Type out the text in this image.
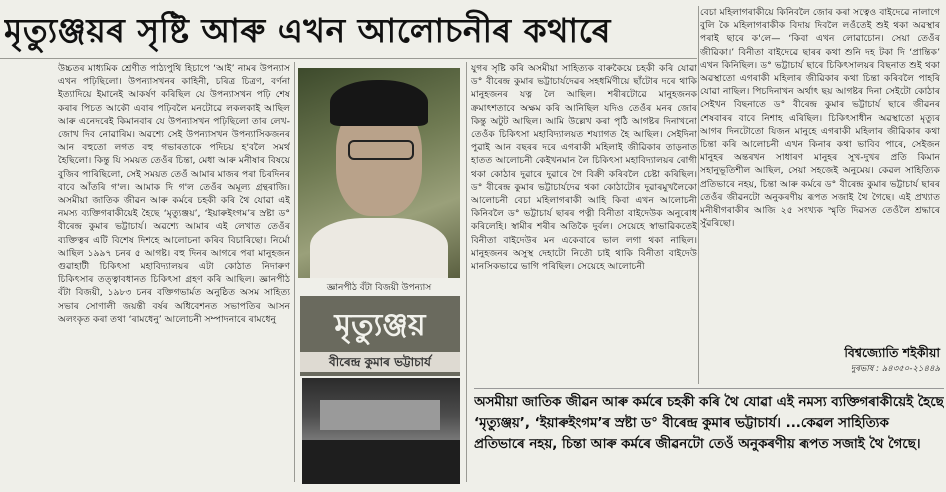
মৃত্যুঞ্জয়ৰ সৃষ্টি আৰু এখন আলোচনীৰ কথাৰে

উচ্চতৰ মাধ্যমিক শ্ৰেণীত পাঠ্যপুথি হিচাপে ‘আই’ নামৰ উপন্যাস এখন পঢ়িছিলো। উপন্যাসখনৰ কাহিনী, চৰিত্ৰ চিত্ৰণ, বৰ্ণনা ইত্যাদিয়ে ইমানেই আকৰ্ষণ কৰিছিল যে উপন্যাসখন পঢ়ি শেষ কৰাৰ পিচত আকৌ এবাৰ পঢ়িবলৈ মনটোৱে লকলকাই আছিল আৰু এনেদৰেই কিমানবাৰ যে উপন্যাসখন পঢ়িছিলো তাৰ লেখ-জোখ দিব নোৱাৰিম। অৱশ্যে সেই উপন্যাসখন উপন্যাসিকজনৰ আন বহুতো লগত বহু গভাৰতাকে পদিচয় হ'বলৈ সমৰ্থ হৈছিলো। কিন্তু যি সময়ত তেওঁৰ চিন্তা, মেধা আৰু মনীষাৰ বিষয়ে বুজিব পাৰিছিলো, সেই সময়ত তেওঁ আমাৰ মাজৰ পৰা চিৰদিনৰ বাবে আঁতৰি গ'ল। আমাক দি গ'ল তেওঁৰ অমূল্য গ্ৰন্থৰাজি। অসমীয়া জাতিক জীৱন আৰু কৰ্মৰে চহকী কৰি থৈ যোৱা এই নমস্য ব্যক্তিগৰাকীয়েই হৈছে ‘মৃত্যুঞ্জয়’, ‘ইয়াৰুইংগম’ৰ স্ৰষ্টা ড° বীৰেন্দ্ৰ কুমাৰ ভট্টাচাৰ্য। অৱশ্যে আমাৰ এই লেখাত তেওঁৰ ব্যক্তিত্বৰ এটি বিশেষ দিশহে আলোচনা কৰিব বিচাৰিছো। নিৰ্মো আছিল ১৯৯৭ চনৰ ৫ আগষ্ট। বহু দিনৰ আগৰে পৰা মানুহজন গুৱাহাটী চিকিৎসা মহাবিদ্যালয়ৰ এটা কোঠাত নিদাৰুণ চিকিৎসাৰ তত্ত্বাবধানত চিকিৎসা গ্ৰহণ কৰি আছিল। জ্ঞানপীঠ বঁটা বিজয়ী, ১৯৮৩ চনৰ বক্তিগভাৰ্মত অনুষ্ঠিত অসম সাহিত্য সভাৰ সোণালী জয়ন্তী বৰ্ষৰ অধিবেশনত সভাপতিৰ আসন অলংকৃত কৰা তথা ‘ৰামধেনু’ আলোচনী সম্পাদনাৰে ৰামধেনু

জ্ঞানপীঠ বঁটা বিজয়ী উপন্যাস
মৃত্যুঞ্জয়
বীৰেন্দ্ৰ কুমাৰ ভট্টাচাৰ্য

যুগৰ সৃষ্টি কৰি অসমীয়া সাহিত্যক বাৰুকৈয়ে চহকী কৰি যোৱা ড° বীৰেন্দ্ৰ কুমাৰ ভট্টাচাৰ্যদেৱৰ সহধৰ্মিণীয়ে ছাঁটোৰ দৰে থাকি মানুহজনৰ যত্ন লৈ আছিল। শৰীৰটোৱে মানুহজনক ক্ৰমাৎশতাবে অক্ষম কৰি আনিছিল যদিও তেওঁৰ মনৰ জোৰ কিন্তু অটুট আছিল। আমি উল্লেখ কৰা পৃঠি আগষ্টৰ দিনাখনো তেওঁক চিকিৎসা মহাবিদ্যালয়ত শয্যাগত হৈ আছিল। সেইদিনা পুৱাই আন বছৰৰ দৰে এগৰাকী মহিলাই জীৱিকাৰ তাড়নাত হাতত আলোচনী কেইখনমান লৈ চিকিৎসা মহাবিদ্যালয়ৰ ৰোগী থকা কোঠাৰ দুৱাৰে দুৱাৰে গৈ বিক্ৰী কৰিবলৈ চেষ্টা কৰিছিল। ড° বীৰেন্দ্ৰ কুমাৰ ভট্টাচাৰ্যদেৱ থকা কোঠাটোৰ দুৱাৰমুখলৈকো আলোচনী বেচা মহিলাগৰাকী আহি কিবা এখন আলোচনী কিনিবলৈ ড° ভট্টাচাৰ্য ছাৰৰ পত্নী বিনীতা বাইদেউক অনুৰোধ কৰিলেহি। স্বামীৰ শৰীৰ অতিকৈ দুৰ্বল। সেয়েহে স্বাভাৱিকতেই বিনীতা বাইদেউৰ মন একেবাৰে ভাল লগা থকা নাছিল। মানুহজনৰ অসুস্থ দেহাটো নিতৌ চাই থাকি বিনীতা বাইদেউ মানসিকভাৱে ভাগি পৰিছিল। সেয়েহে আলোচনী

বেচা মহিলাগৰাকীয়ে কিনিবলৈ জোৰ কৰা সত্বেও বাইদেৱে নালাগে বুলি কৈ মহিলাগৰাকীক বিদায় দিবলৈ লওঁতেই শুই থকা অৱস্থাৰ পৰাই ছাৰে ক'লে— ‘কিবা এখন লোৱাচোন। সেয়া তেওঁৰ জীৱিকা।’ বিনীতা বাইদেৱে ছাৰৰ কথা শুনি দহ টকা দি ‘প্ৰান্তিক’ এখন কিনিছিল। ড° ভট্টাচাৰ্য ছাৰে চিকিৎসালয়ৰ বিছনাত শুই থকা অৱস্থাতো এগৰাকী মহিলাৰ জীৱিকাৰ কথা চিন্তা কৰিবলৈ পাহৰি যোৱা নাছিল। পিচদিনাখন অৰ্থাৎ ছয় আগষ্টৰ দিনা সেইটো কোঠাৰ সেইখন বিছনাতে ড° বীৰেন্দ্ৰ কুমাৰ ভট্টাচাৰ্য ছাৰে জীৱনৰ শেষবাৰৰ বাবে নিশাহ এৰিছিল। চিকিৎসাধীন অৱস্থাতো মৃত্যুৰ আগৰ দিনটোতো যিজন মানুহে এগৰাকী মহিলাৰ জীৱিকাৰ কথা চিন্তা কৰি আলোচনী এখন কিনাৰ কথা ভাবিব পাৰে, সেইজন মানুহৰ অন্তৰখন সাধাৰণ মানুহৰ সুখ-দুখৰ প্ৰতি কিমান সহানুভূতিশীল আছিল, সেয়া সহজেই অনুমেয়। কেৱল সাহিত্যিক প্ৰতিভাৰে নহয়, চিন্তা আৰু কৰ্মৰে ড° বীৰেন্দ্ৰ কুমাৰ ভট্টাচাৰ্য ছাৰৰ তেওঁৰ জীৱনটো অনুকৰণীয় ৰূপত সজাই থৈ গৈছে। এই প্ৰখ্যাত মনীষীগৰাকীৰ আজি ২৫ সংখ্যক স্মৃতি দিৱসত তেওঁলৈ শ্ৰদ্ধাৰে সুঁৱৰিছো।

বিশ্বজ্যোতি শইকীয়া
দুৰভাষ : ৯৪৩৫০-২১৪৪৯
অসমীয়া জাতিক জীৱন আৰু কৰ্মৰে চহকী কৰি থৈ যোৱা এই নমস্য ব্যক্তিগৰাকীয়েই হৈছে ‘মৃত্যুঞ্জয়’, ‘ইয়াৰুইংগম’ৰ স্ৰষ্টা ড° বীৰেন্দ্ৰ কুমাৰ ভট্টাচাৰ্য। ...কেৱল সাহিত্যিক প্ৰতিভাৰে নহয়, চিন্তা আৰু কৰ্মৰে জীৱনটো তেওঁ অনুকৰণীয় ৰূপত সজাই থৈ গৈছে।
